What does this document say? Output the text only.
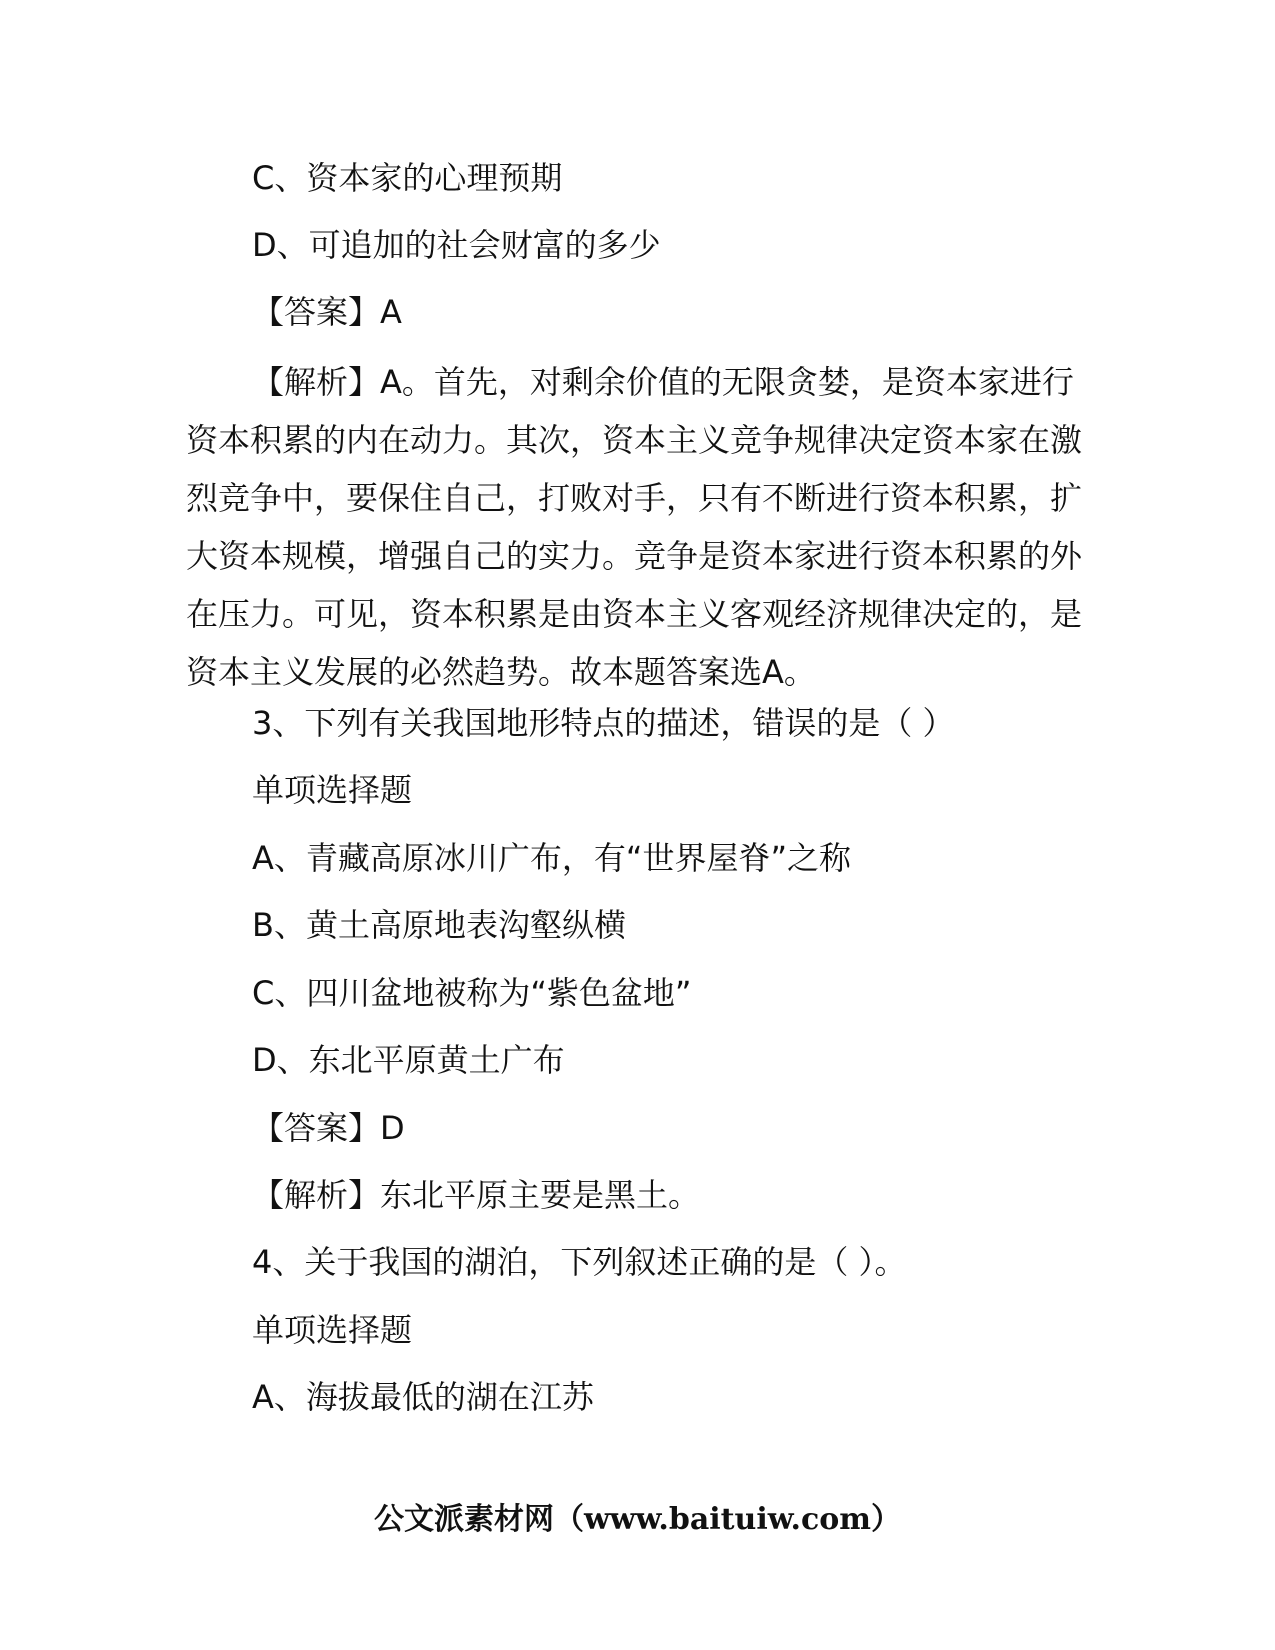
C、资本家的心理预期
D、可追加的社会财富的多少
【答案】A
【解析】A。首先，对剩余价值的无限贪婪，是资本家进行资本积累的内在动力。其次，资本主义竞争规律决定资本家在激烈竞争中，要保住自己，打败对手，只有不断进行资本积累，扩大资本规模，增强自己的实力。竞争是资本家进行资本积累的外在压力。可见，资本积累是由资本主义客观经济规律决定的，是资本主义发展的必然趋势。故本题答案选A。
3、下列有关我国地形特点的描述，错误的是（ ）
单项选择题
A、青藏高原冰川广布，有“世界屋脊”之称
B、黄土高原地表沟壑纵横
C、四川盆地被称为“紫色盆地”
D、东北平原黄土广布
【答案】D
【解析】东北平原主要是黑土。
4、关于我国的湖泊，下列叙述正确的是（ ）。
单项选择题
A、海拔最低的湖在江苏
公文派素材网（www.baituiw.com）
